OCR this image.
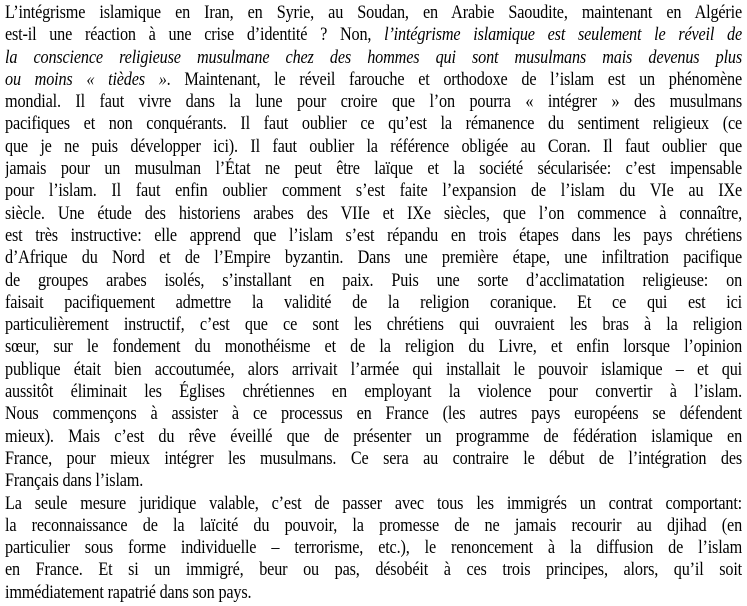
L’intégrisme islamique en Iran, en Syrie, au Soudan, en Arabie Saoudite, maintenant en Algérie
est-il une réaction à une crise d’identité ? Non, l’intégrisme islamique est seulement le réveil de
la conscience religieuse musulmane chez des hommes qui sont musulmans mais devenus plus
ou moins « tièdes ». Maintenant, le réveil farouche et orthodoxe de l’islam est un phénomène
mondial. Il faut vivre dans la lune pour croire que l’on pourra « intégrer » des musulmans
pacifiques et non conquérants. Il faut oublier ce qu’est la rémanence du sentiment religieux (ce
que je ne puis développer ici). Il faut oublier la référence obligée au Coran. Il faut oublier que
jamais pour un musulman l’État ne peut être laïque et la société sécularisée: c’est impensable
pour l’islam. Il faut enfin oublier comment s’est faite l’expansion de l’islam du VIe au IXe
siècle. Une étude des historiens arabes des VIIe et IXe siècles, que l’on commence à connaître,
est très instructive: elle apprend que l’islam s’est répandu en trois étapes dans les pays chrétiens
d’Afrique du Nord et de l’Empire byzantin. Dans une première étape, une infiltration pacifique
de groupes arabes isolés, s’installant en paix. Puis une sorte d’acclimatation religieuse: on
faisait pacifiquement admettre la validité de la religion coranique. Et ce qui est ici
particulièrement instructif, c’est que ce sont les chrétiens qui ouvraient les bras à la religion
sœur, sur le fondement du monothéisme et de la religion du Livre, et enfin lorsque l’opinion
publique était bien accoutumée, alors arrivait l’armée qui installait le pouvoir islamique – et qui
aussitôt éliminait les Églises chrétiennes en employant la violence pour convertir à l’islam.
Nous commençons à assister à ce processus en France (les autres pays européens se défendent
mieux). Mais c’est du rêve éveillé que de présenter un programme de fédération islamique en
France, pour mieux intégrer les musulmans. Ce sera au contraire le début de l’intégration des
Français dans l’islam.
La seule mesure juridique valable, c’est de passer avec tous les immigrés un contrat comportant:
la reconnaissance de la laïcité du pouvoir, la promesse de ne jamais recourir au djihad (en
particulier sous forme individuelle – terrorisme, etc.), le renoncement à la diffusion de l’islam
en France. Et si un immigré, beur ou pas, désobéit à ces trois principes, alors, qu’il soit
immédiatement rapatrié dans son pays.
